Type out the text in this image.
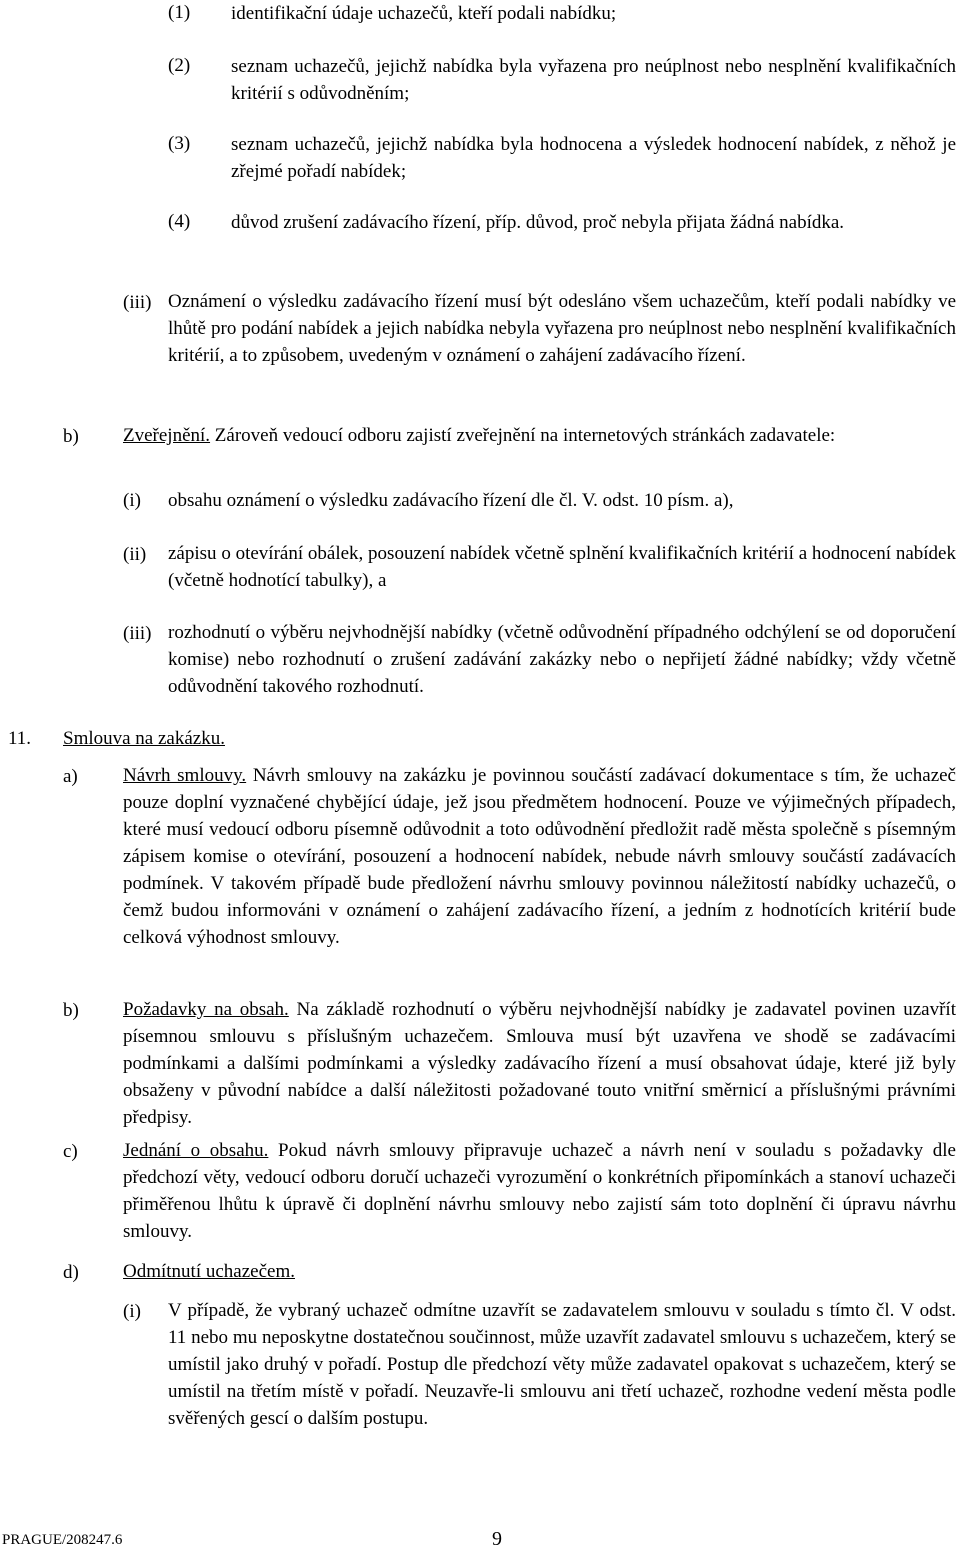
(1) identifikační údaje uchazečů, kteří podali nabídku;
(2) seznam uchazečů, jejichž nabídka byla vyřazena pro neúplnost nebo nesplnění kvalifikačních kritérií s odůvodněním;
(3) seznam uchazečů, jejichž nabídka byla hodnocena a výsledek hodnocení nabídek, z něhož je zřejmé pořadí nabídek;
(4) důvod zrušení zadávacího řízení, příp. důvod, proč nebyla přijata žádná nabídka.
(iii) Oznámení o výsledku zadávacího řízení musí být odesláno všem uchazečům, kteří podali nabídky ve lhůtě pro podání nabídek a jejich nabídka nebyla vyřazena pro neúplnost nebo nesplnění kvalifikačních kritérií, a to způsobem, uvedeným v oznámení o zahájení zadávacího řízení.
b) Zveřejnění. Zároveň vedoucí odboru zajistí zveřejnění na internetových stránkách zadavatele:
(i) obsahu oznámení o výsledku zadávacího řízení dle čl. V. odst. 10 písm. a),
(ii) zápisu o otevírání obálek, posouzení nabídek včetně splnění kvalifikačních kritérií a hodnocení nabídek (včetně hodnotící tabulky), a
(iii) rozhodnutí o výběru nejvhodnější nabídky (včetně odůvodnění případného odchýlení se od doporučení komise) nebo rozhodnutí o zrušení zadávání zakázky nebo o nepřijetí žádné nabídky; vždy včetně odůvodnění takového rozhodnutí.
11. Smlouva na zakázku.
a) Návrh smlouvy. Návrh smlouvy na zakázku je povinnou součástí zadávací dokumentace s tím, že uchazeč pouze doplní vyznačené chybějící údaje, jež jsou předmětem hodnocení. Pouze ve výjimečných případech, které musí vedoucí odboru písemně odůvodnit a toto odůvodnění předložit radě města společně s písemným zápisem komise o otevírání, posouzení a hodnocení nabídek, nebude návrh smlouvy součástí zadávacích podmínek. V takovém případě bude předložení návrhu smlouvy povinnou náležitostí nabídky uchazečů, o čemž budou informováni v oznámení o zahájení zadávacího řízení, a jedním z hodnotících kritérií bude celková výhodnost smlouvy.
b) Požadavky na obsah. Na základě rozhodnutí o výběru nejvhodnější nabídky je zadavatel povinen uzavřít písemnou smlouvu s příslušným uchazečem. Smlouva musí být uzavřena ve shodě se zadávacími podmínkami a dalšími podmínkami a výsledky zadávacího řízení a musí obsahovat údaje, které již byly obsaženy v původní nabídce a další náležitosti požadované touto vnitřní směrnicí a příslušnými právními předpisy.
c) Jednání o obsahu. Pokud návrh smlouvy připravuje uchazeč a návrh není v souladu s požadavky dle předchozí věty, vedoucí odboru doručí uchazeči vyrozumění o konkrétních připomínkách a stanoví uchazeči přiměřenou lhůtu k úpravě či doplnění návrhu smlouvy nebo zajistí sám toto doplnění či úpravu návrhu smlouvy.
d) Odmítnutí uchazečem.
(i) V případě, že vybraný uchazeč odmítne uzavřít se zadavatelem smlouvu v souladu s tímto čl. V odst. 11 nebo mu neposkytne dostatečnou součinnost, může uzavřít zadavatel smlouvu s uchazečem, který se umístil jako druhý v pořadí. Postup dle předchozí věty může zadavatel opakovat s uchazečem, který se umístil na třetím místě v pořadí. Neuzavře-li smlouvu ani třetí uchazeč, rozhodne vedení města podle svěřených gescí o dalším postupu.
PRAGUE/208247.6	9
